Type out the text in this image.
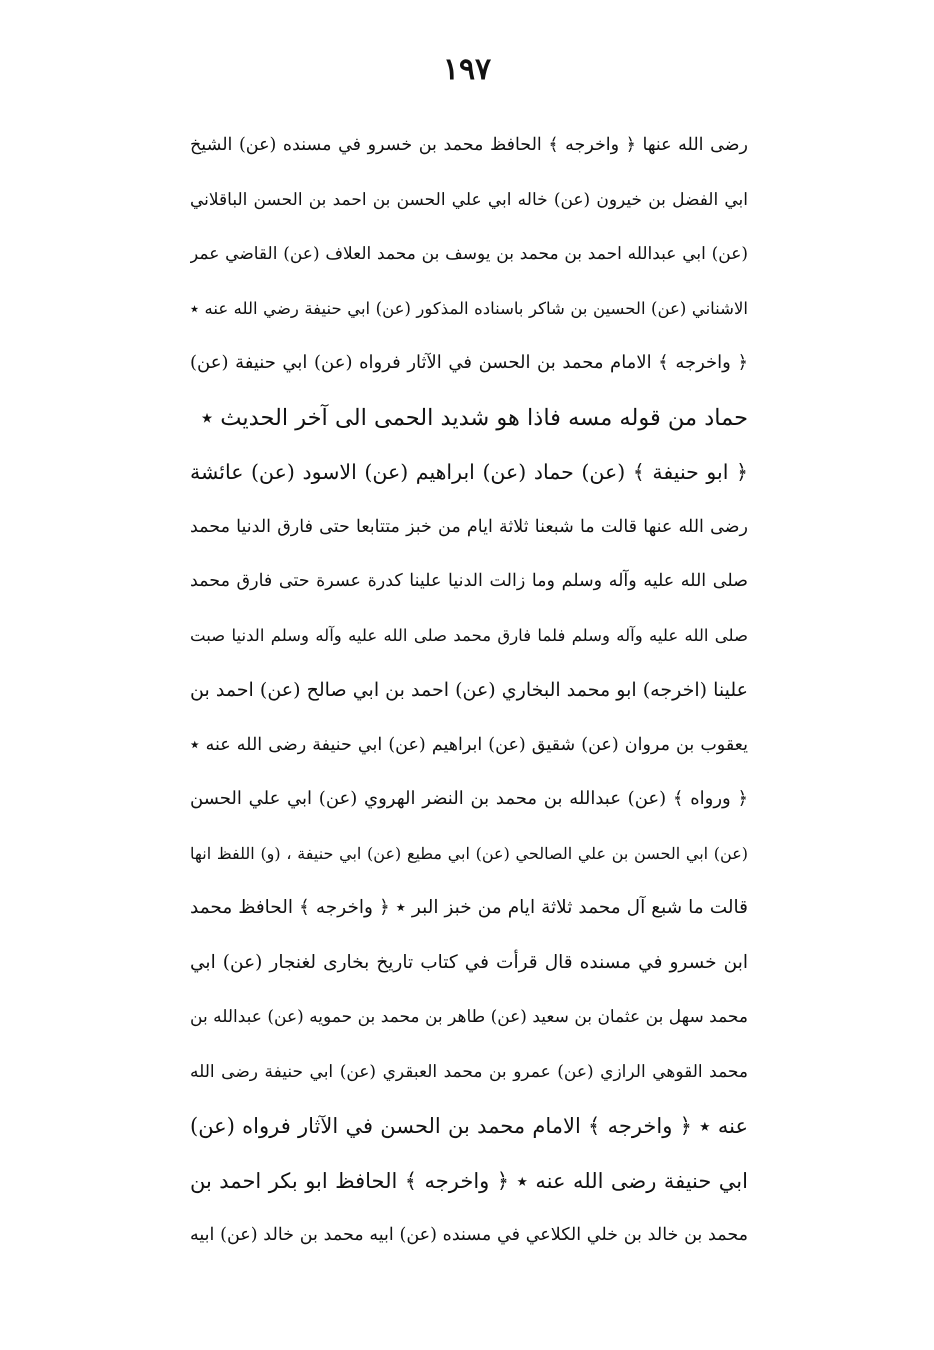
١٩٧
رضى الله عنها ﴿ واخرجه ﴾ الحافظ محمد بن خسرو في مسنده (عن) الشيخ
ابي الفضل بن خيرون (عن) خاله ابي علي الحسن بن احمد بن الحسن الباقلاني
(عن) ابي عبدالله احمد بن محمد بن يوسف بن محمد العلاف (عن) القاضي عمر
الاشناني (عن) الحسين بن شاكر باسناده المذكور (عن) ابي حنيفة رضي الله عنه ٭
﴿ واخرجه ﴾ الامام محمد بن الحسن في الآثار فرواه (عن) ابي حنيفة (عن)
حماد من قوله مسه فاذا هو شديد الحمى الى آخر الحديث ٭
﴿ ابو حنيفة ﴾ (عن) حماد (عن) ابراهيم (عن) الاسود (عن) عائشة
رضى الله عنها قالت ما شبعنا ثلاثة ايام من خبز متتابعا حتى فارق الدنيا محمد
صلى الله عليه وآله وسلم وما زالت الدنيا علينا كدرة عسرة حتى فارق محمد
صلى الله عليه وآله وسلم فلما فارق محمد صلى الله عليه وآله وسلم الدنيا صبت
علينا (اخرجه) ابو محمد البخاري (عن) احمد بن ابي صالح (عن) احمد بن
يعقوب بن مروان (عن) شقيق (عن) ابراهيم (عن) ابي حنيفة رضى الله عنه ٭
﴿ ورواه ﴾ (عن) عبدالله بن محمد بن النضر الهروي (عن) ابي علي الحسن
(عن) ابي الحسن بن علي الصالحي (عن) ابي مطيع (عن) ابي حنيفة ، (و) اللفظ انها
قالت ما شبع آل محمد ثلاثة ايام من خبز البر ٭ ﴿ واخرجه ﴾ الحافظ محمد
ابن خسرو في مسنده قال قرأت في كتاب تاريخ بخارى لغنجار (عن) ابي
محمد سهل بن عثمان بن سعيد (عن) طاهر بن محمد بن حمويه (عن) عبدالله بن
محمد القوهي الرازي (عن) عمرو بن محمد العبقري (عن) ابي حنيفة رضى الله
عنه ٭ ﴿ واخرجه ﴾ الامام محمد بن الحسن في الآثار فرواه (عن)
ابي حنيفة رضى الله عنه ٭ ﴿ واخرجه ﴾ الحافظ ابو بكر احمد بن
محمد بن خالد بن خلي الكلاعي في مسنده (عن) ابيه محمد بن خالد (عن) ابيه
